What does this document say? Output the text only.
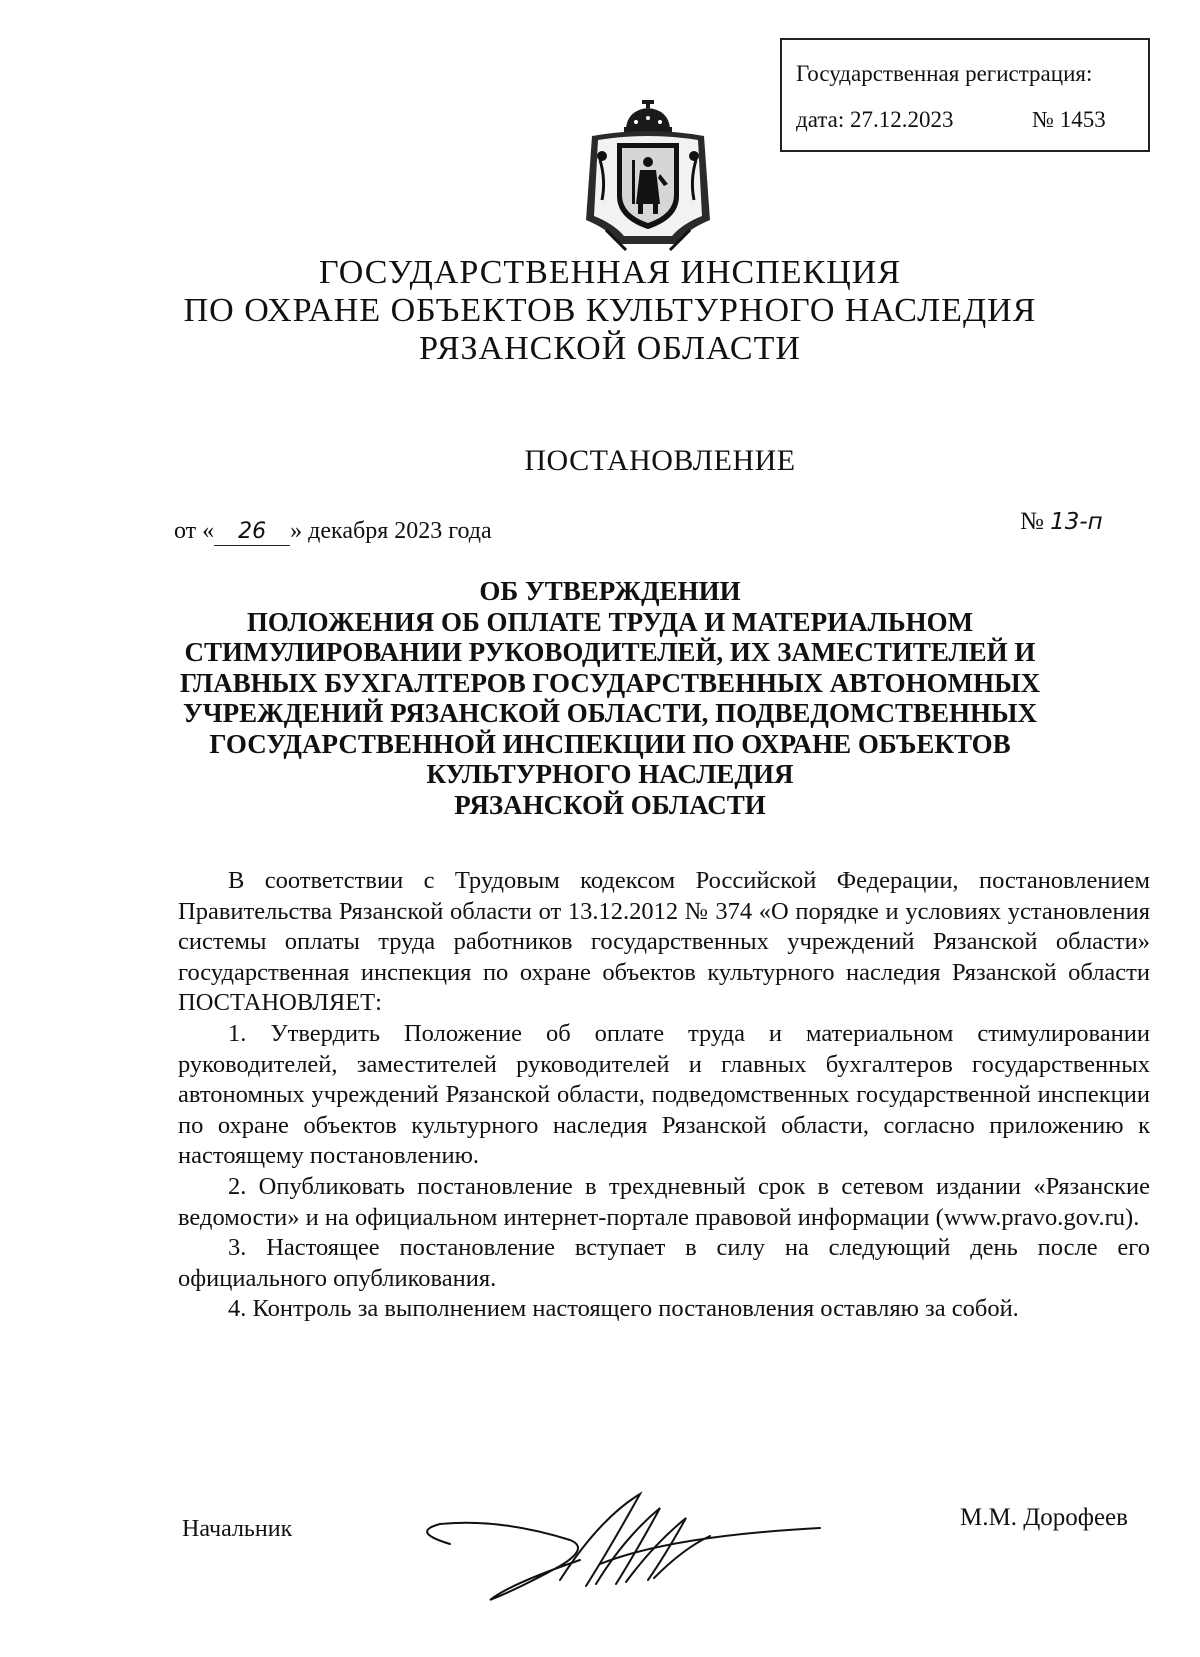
Государственная регистрация:
дата: 27.12.2023	№ 1453
ГОСУДАРСТВЕННАЯ ИНСПЕКЦИЯ
ПО ОХРАНЕ ОБЪЕКТОВ КУЛЬТУРНОГО НАСЛЕДИЯ
РЯЗАНСКОЙ ОБЛАСТИ
ПОСТАНОВЛЕНИЕ
от « 26 » декабря 2023 года	№ 13-п
ОБ УТВЕРЖДЕНИИ
ПОЛОЖЕНИЯ ОБ ОПЛАТЕ ТРУДА И МАТЕРИАЛЬНОМ
СТИМУЛИРОВАНИИ РУКОВОДИТЕЛЕЙ, ИХ ЗАМЕСТИТЕЛЕЙ И
ГЛАВНЫХ БУХГАЛТЕРОВ ГОСУДАРСТВЕННЫХ АВТОНОМНЫХ
УЧРЕЖДЕНИЙ РЯЗАНСКОЙ ОБЛАСТИ, ПОДВЕДОМСТВЕННЫХ
ГОСУДАРСТВЕННОЙ ИНСПЕКЦИИ ПО ОХРАНЕ ОБЪЕКТОВ
КУЛЬТУРНОГО НАСЛЕДИЯ
РЯЗАНСКОЙ ОБЛАСТИ

В соответствии с Трудовым кодексом Российской Федерации, постановлением Правительства Рязанской области от 13.12.2012 № 374 «О порядке и условиях установления системы оплаты труда работников государственных учреждений Рязанской области» государственная инспекция по охране объектов культурного наследия Рязанской области

ПОСТАНОВЛЯЕТ:

1. Утвердить Положение об оплате труда и материальном стимулировании руководителей, заместителей руководителей и главных бухгалтеров государственных автономных учреждений Рязанской области, подведомственных государственной инспекции по охране объектов культурного наследия Рязанской области, согласно приложению к настоящему постановлению.

2. Опубликовать постановление в трехдневный срок в сетевом издании «Рязанские ведомости» и на официальном интернет-портале правовой информации (www.pravo.gov.ru).

3. Настоящее постановление вступает в силу на следующий день после его официального опубликования.

4. Контроль за выполнением настоящего постановления оставляю за собой.

Начальник	М.М. Дорофеев
